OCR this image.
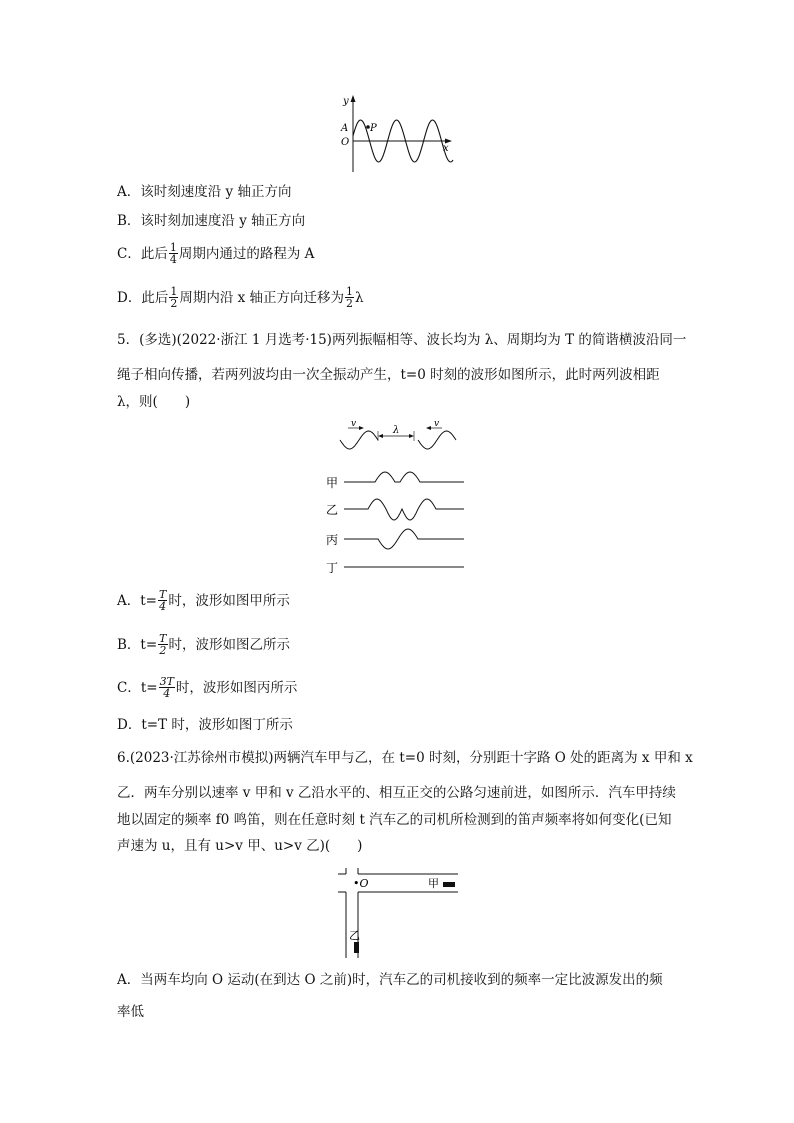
y
x
A
O
P
A．该时刻速度沿 y 轴正方向
B．该时刻加速度沿 y 轴正方向
C．此后 $\frac{1}{4}$ 周期内通过的路程为 A
D．此后 $\frac{1}{2}$ 周期内沿 x 轴正方向迁移为 $\frac{1}{2}$ λ
5．(多选)(2022·浙江 1 月选考·15)两列振幅相等、波长均为 λ、周期均为 T 的简谐横波沿同一
绳子相向传播，若两列波均由一次全振动产生，t=0 时刻的波形如图所示，此时两列波相距
λ，则(　　)
λ
v	v
甲
乙
丙
丁
A．$t= \frac{T}{4}$ 时，波形如图甲所示
B．$t= \frac{T}{2}$ 时，波形如图乙所示
C．$t= \frac{3T}{4}$ 时，波形如图丙所示
D．t=T 时，波形如图丁所示
6.(2023·江苏徐州市模拟)两辆汽车甲与乙，在 t=0 时刻，分别距十字路 O 处的距离为 x 甲和 x
乙．两车分别以速率 v 甲和 v 乙沿水平的、相互正交的公路匀速前进，如图所示．汽车甲持续
地以固定的频率 f0 鸣笛，则在任意时刻 t 汽车乙的司机所检测到的笛声频率将如何变化(已知
声速为 u，且有 u>v 甲、u>v 乙)(　　)
•O	甲
乙
A．当两车均向 O 运动(在到达 O 之前)时，汽车乙的司机接收到的频率一定比波源发出的频
率低
